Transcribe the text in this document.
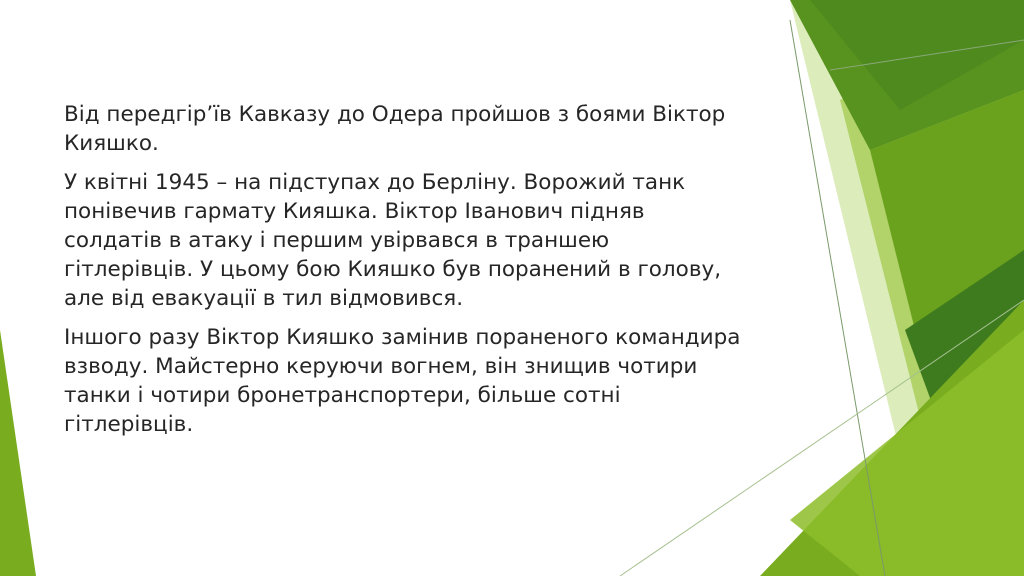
Від передгір’їв Кавказу до Одера пройшов з боями Віктор Кияшко.

У квітні 1945 – на підступах до Берліну. Ворожий танк понівечив гармату Кияшка. Віктор Іванович підняв солдатів в атаку і першим увірвався в траншею гітлерівців. У цьому бою Кияшко був поранений в голову, але від евакуації в тил відмовився.

Іншого разу Віктор Кияшко замінив пораненого командира взводу. Майстерно керуючи вогнем, він знищив чотири танки і чотири бронетранспортери, більше сотні гітлерівців.
